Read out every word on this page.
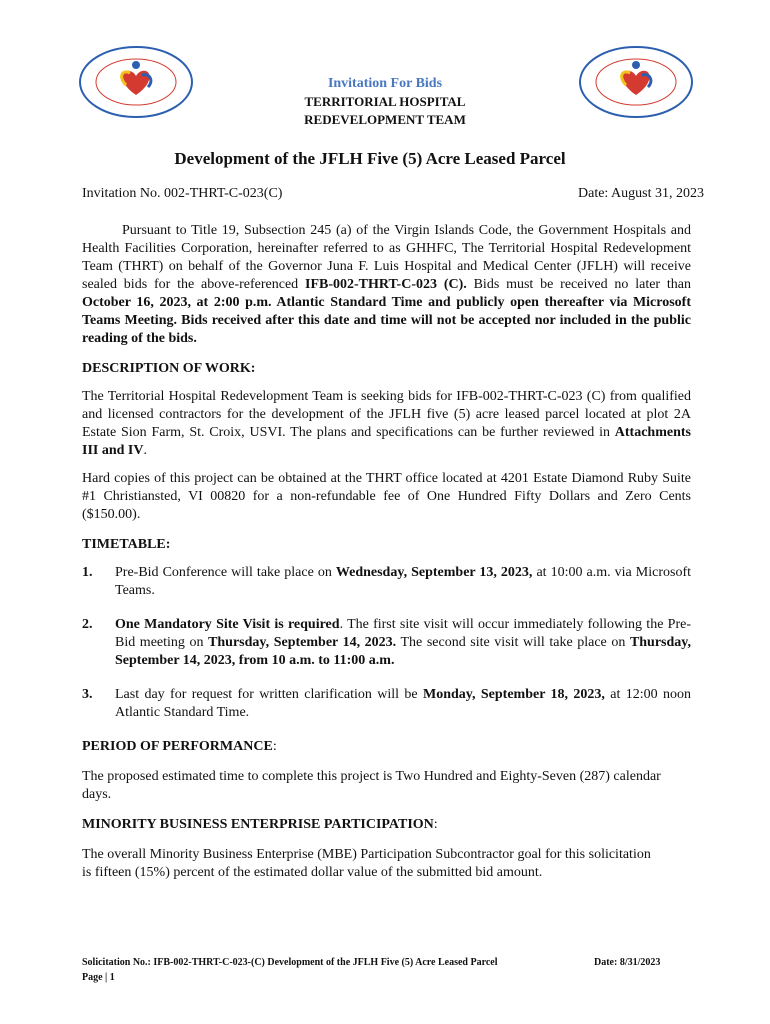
Invitation For Bids
TERRITORIAL HOSPITAL
REDEVELOPMENT TEAM
Development of the JFLH Five (5) Acre Leased Parcel
Invitation No. 002-THRT-C-023(C)	Date: August 31, 2023

Pursuant to Title 19, Subsection 245 (a) of the Virgin Islands Code, the Government Hospitals and Health Facilities Corporation, hereinafter referred to as GHHFC, The Territorial Hospital Redevelopment Team (THRT) on behalf of the Governor Juna F. Luis Hospital and Medical Center (JFLH) will receive sealed bids for the above-referenced IFB-002-THRT-C-023 (C). Bids must be received no later than October 16, 2023, at 2:00 p.m. Atlantic Standard Time and publicly open thereafter via Microsoft Teams Meeting. Bids received after this date and time will not be accepted nor included in the public reading of the bids.

DESCRIPTION OF WORK:

The Territorial Hospital Redevelopment Team is seeking bids for IFB-002-THRT-C-023 (C) from qualified and licensed contractors for the development of the JFLH five (5) acre leased parcel located at plot 2A Estate Sion Farm, St. Croix, USVI. The plans and specifications can be further reviewed in Attachments III and IV.

Hard copies of this project can be obtained at the THRT office located at 4201 Estate Diamond Ruby Suite #1 Christiansted, VI 00820 for a non-refundable fee of One Hundred Fifty Dollars and Zero Cents ($150.00).

TIMETABLE:

1. Pre-Bid Conference will take place on Wednesday, September 13, 2023, at 10:00 a.m. via Microsoft Teams.
2. One Mandatory Site Visit is required. The first site visit will occur immediately following the Pre-Bid meeting on Thursday, September 14, 2023. The second site visit will take place on Thursday, September 14, 2023, from 10 a.m. to 11:00 a.m.
3. Last day for request for written clarification will be Monday, September 18, 2023, at 12:00 noon Atlantic Standard Time.

PERIOD OF PERFORMANCE:

The proposed estimated time to complete this project is Two Hundred and Eighty-Seven (287) calendar days.

MINORITY BUSINESS ENTERPRISE PARTICIPATION:

The overall Minority Business Enterprise (MBE) Participation Subcontractor goal for this solicitation is fifteen (15%) percent of the estimated dollar value of the submitted bid amount.

Solicitation No.: IFB-002-THRT-C-023-(C) Development of the JFLH Five (5) Acre Leased Parcel
Page | 1
Date: 8/31/2023
